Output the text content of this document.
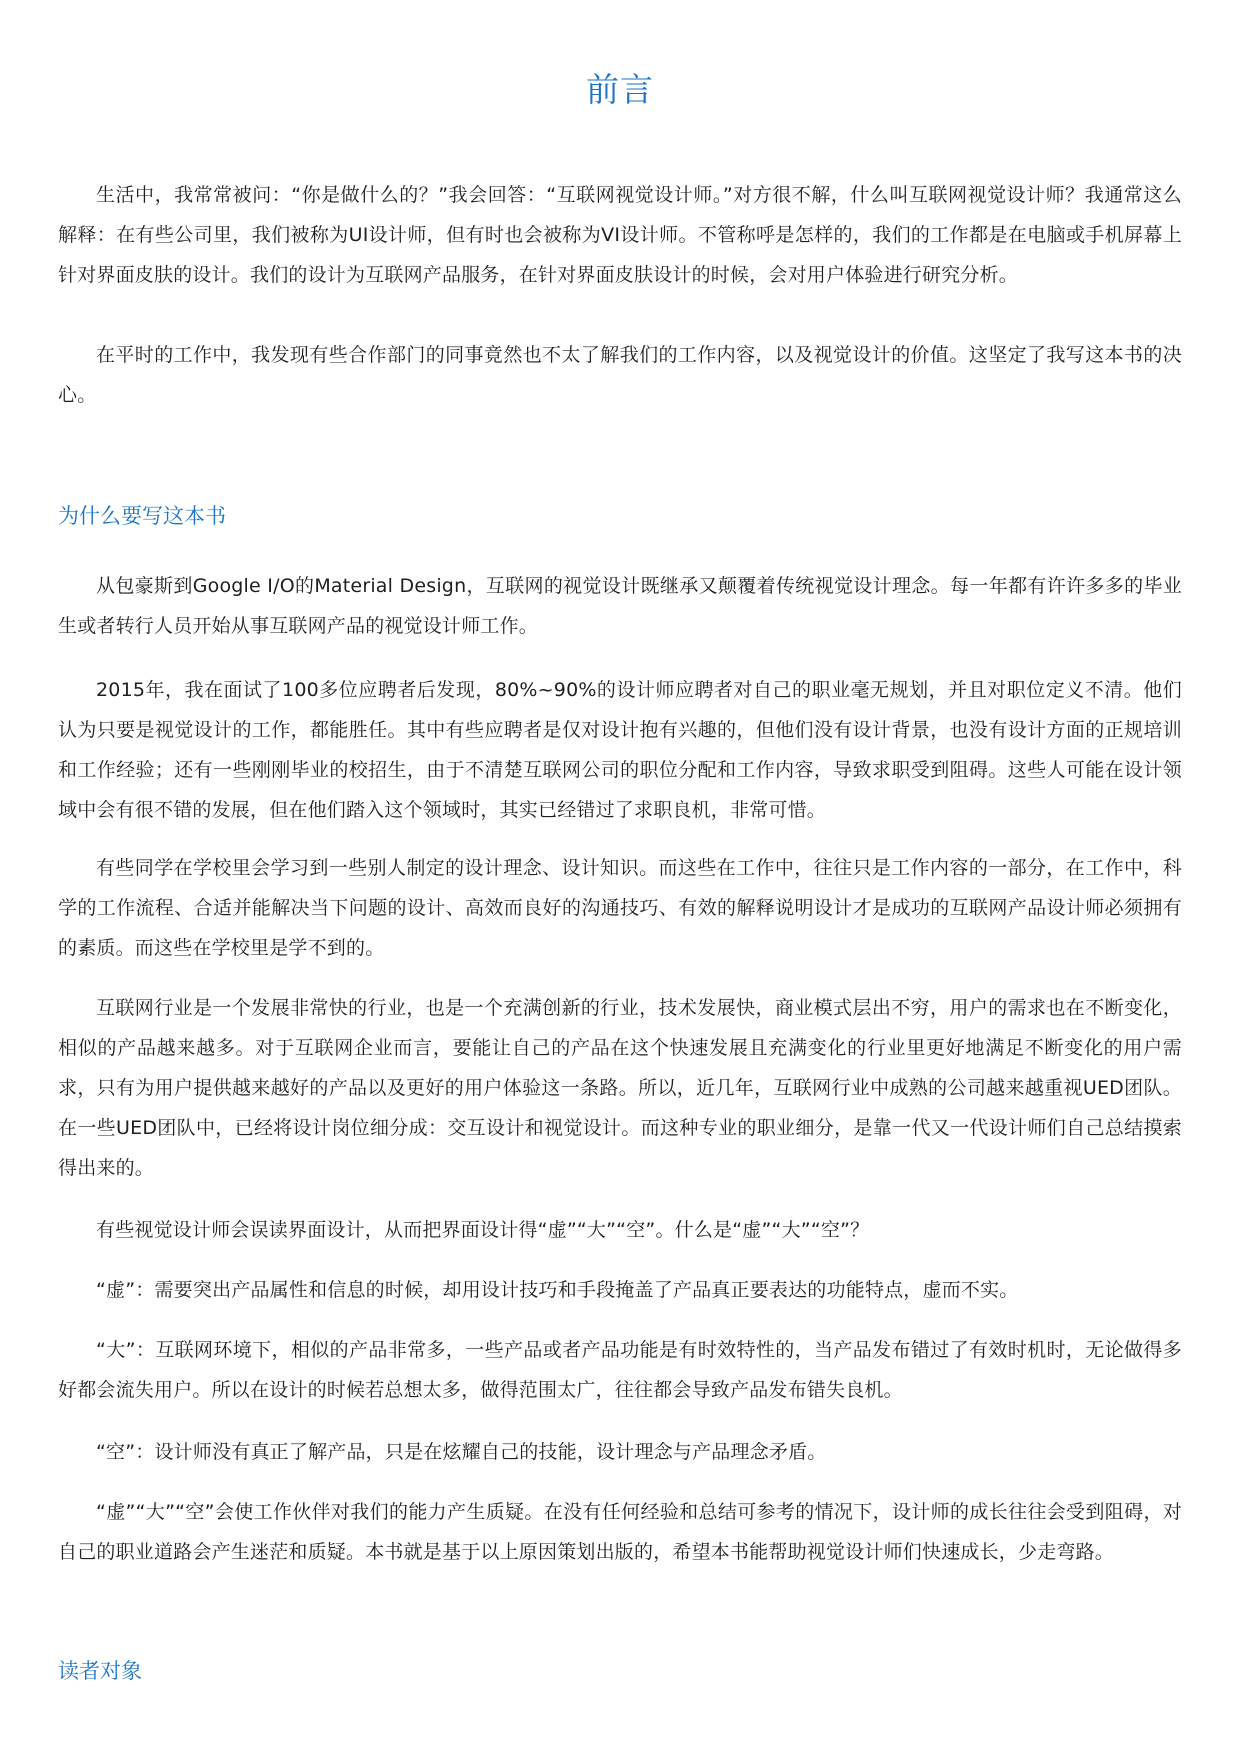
前言

生活中，我常常被问：“你是做什么的？”我会回答：“互联网视觉设计师。”对方很不解，什么叫互联网视觉设计师？我通常这么解释：在有些公司里，我们被称为UI设计师，但有时也会被称为VI设计师。不管称呼是怎样的，我们的工作都是在电脑或手机屏幕上针对界面皮肤的设计。我们的设计为互联网产品服务，在针对界面皮肤设计的时候，会对用户体验进行研究分析。

在平时的工作中，我发现有些合作部门的同事竟然也不太了解我们的工作内容，以及视觉设计的价值。这坚定了我写这本书的决心。

为什么要写这本书

从包豪斯到Google I/O的Material Design，互联网的视觉设计既继承又颠覆着传统视觉设计理念。每一年都有许许多多的毕业生或者转行人员开始从事互联网产品的视觉设计师工作。

2015年，我在面试了100多位应聘者后发现，80%~90%的设计师应聘者对自己的职业毫无规划，并且对职位定义不清。他们认为只要是视觉设计的工作，都能胜任。其中有些应聘者是仅对设计抱有兴趣的，但他们没有设计背景，也没有设计方面的正规培训和工作经验；还有一些刚刚毕业的校招生，由于不清楚互联网公司的职位分配和工作内容，导致求职受到阻碍。这些人可能在设计领域中会有很不错的发展，但在他们踏入这个领域时，其实已经错过了求职良机，非常可惜。

有些同学在学校里会学习到一些别人制定的设计理念、设计知识。而这些在工作中，往往只是工作内容的一部分，在工作中，科学的工作流程、合适并能解决当下问题的设计、高效而良好的沟通技巧、有效的解释说明设计才是成功的互联网产品设计师必须拥有的素质。而这些在学校里是学不到的。

互联网行业是一个发展非常快的行业，也是一个充满创新的行业，技术发展快，商业模式层出不穷，用户的需求也在不断变化，相似的产品越来越多。对于互联网企业而言，要能让自己的产品在这个快速发展且充满变化的行业里更好地满足不断变化的用户需求，只有为用户提供越来越好的产品以及更好的用户体验这一条路。所以，近几年，互联网行业中成熟的公司越来越重视UED团队。在一些UED团队中，已经将设计岗位细分成：交互设计和视觉设计。而这种专业的职业细分，是靠一代又一代设计师们自己总结摸索得出来的。

有些视觉设计师会误读界面设计，从而把界面设计得“虚”“大”“空”。什么是“虚”“大”“空”？

“虚”：需要突出产品属性和信息的时候，却用设计技巧和手段掩盖了产品真正要表达的功能特点，虚而不实。

“大”：互联网环境下，相似的产品非常多，一些产品或者产品功能是有时效特性的，当产品发布错过了有效时机时，无论做得多好都会流失用户。所以在设计的时候若总想太多，做得范围太广，往往都会导致产品发布错失良机。

“空”：设计师没有真正了解产品，只是在炫耀自己的技能，设计理念与产品理念矛盾。

“虚”“大”“空”会使工作伙伴对我们的能力产生质疑。在没有任何经验和总结可参考的情况下，设计师的成长往往会受到阻碍，对自己的职业道路会产生迷茫和质疑。本书就是基于以上原因策划出版的，希望本书能帮助视觉设计师们快速成长，少走弯路。

读者对象
